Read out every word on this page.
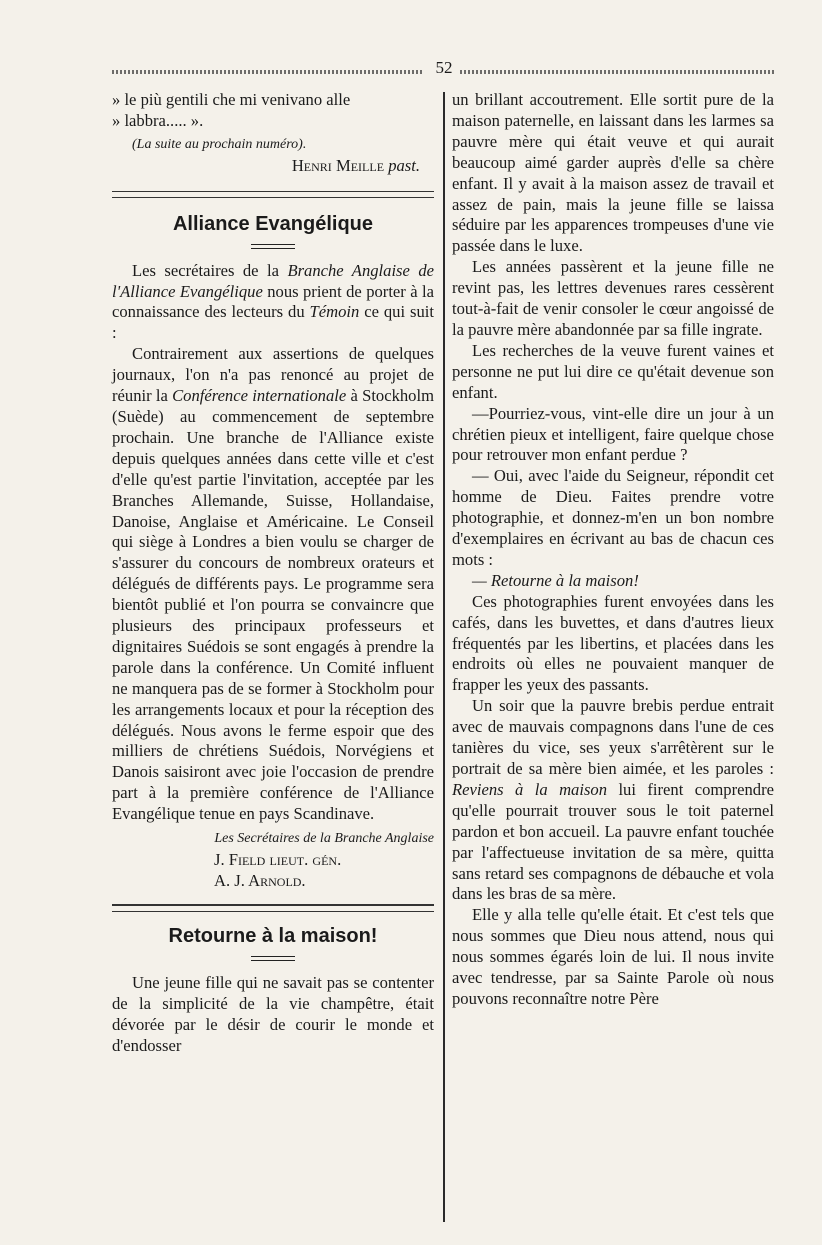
52

» le più gentili che mi venivano alle

» labbra..... ».

(La suite au prochain numéro).

Henri Meille past.

Alliance Evangélique

Les secrétaires de la Branche Anglaise de l'Alliance Evangélique nous prient de porter à la connaissance des lecteurs du Témoin ce qui suit :

Contrairement aux assertions de quelques journaux, l'on n'a pas renoncé au projet de réunir la Conférence internationale à Stockholm (Suède) au commencement de septembre prochain. Une branche de l'Alliance existe depuis quelques années dans cette ville et c'est d'elle qu'est partie l'invitation, acceptée par les Branches Allemande, Suisse, Hollandaise, Danoise, Anglaise et Américaine. Le Conseil qui siège à Londres a bien voulu se charger de s'assurer du concours de nombreux orateurs et délégués de différents pays. Le programme sera bientôt publié et l'on pourra se convaincre que plusieurs des principaux professeurs et dignitaires Suédois se sont engagés à prendre la parole dans la conférence. Un Comité influent ne manquera pas de se former à Stockholm pour les arrangements locaux et pour la réception des délégués. Nous avons le ferme espoir que des milliers de chrétiens Suédois, Norvégiens et Danois saisiront avec joie l'occasion de prendre part à la première conférence de l'Alliance Evangélique tenue en pays Scandinave.

Les Secrétaires de la Branche Anglaise

J. Field lieut. gén.

A. J. Arnold.

Retourne à la maison!

Une jeune fille qui ne savait pas se contenter de la simplicité de la vie champêtre, était dévorée par le désir de courir le monde et d'endosser

un brillant accoutrement. Elle sortit pure de la maison paternelle, en laissant dans les larmes sa pauvre mère qui était veuve et qui aurait beaucoup aimé garder auprès d'elle sa chère enfant. Il y avait à la maison assez de travail et assez de pain, mais la jeune fille se laissa séduire par les apparences trompeuses d'une vie passée dans le luxe.

Les années passèrent et la jeune fille ne revint pas, les lettres devenues rares cessèrent tout-à-fait de venir consoler le cœur angoissé de la pauvre mère abandonnée par sa fille ingrate.

Les recherches de la veuve furent vaines et personne ne put lui dire ce qu'était devenue son enfant.

—Pourriez-vous, vint-elle dire un jour à un chrétien pieux et intelligent, faire quelque chose pour retrouver mon enfant perdue ?

— Oui, avec l'aide du Seigneur, répondit cet homme de Dieu. Faites prendre votre photographie, et donnez-m'en un bon nombre d'exemplaires en écrivant au bas de chacun ces mots :

— Retourne à la maison!

Ces photographies furent envoyées dans les cafés, dans les buvettes, et dans d'autres lieux fréquentés par les libertins, et placées dans les endroits où elles ne pouvaient manquer de frapper les yeux des passants.

Un soir que la pauvre brebis perdue entrait avec de mauvais compagnons dans l'une de ces tanières du vice, ses yeux s'arrêtèrent sur le portrait de sa mère bien aimée, et les paroles : Reviens à la maison lui firent comprendre qu'elle pourrait trouver sous le toit paternel pardon et bon accueil. La pauvre enfant touchée par l'affectueuse invitation de sa mère, quitta sans retard ses compagnons de débauche et vola dans les bras de sa mère.

Elle y alla telle qu'elle était. Et c'est tels que nous sommes que Dieu nous attend, nous qui nous sommes égarés loin de lui. Il nous invite avec tendresse, par sa Sainte Parole où nous pouvons reconnaître notre Père
